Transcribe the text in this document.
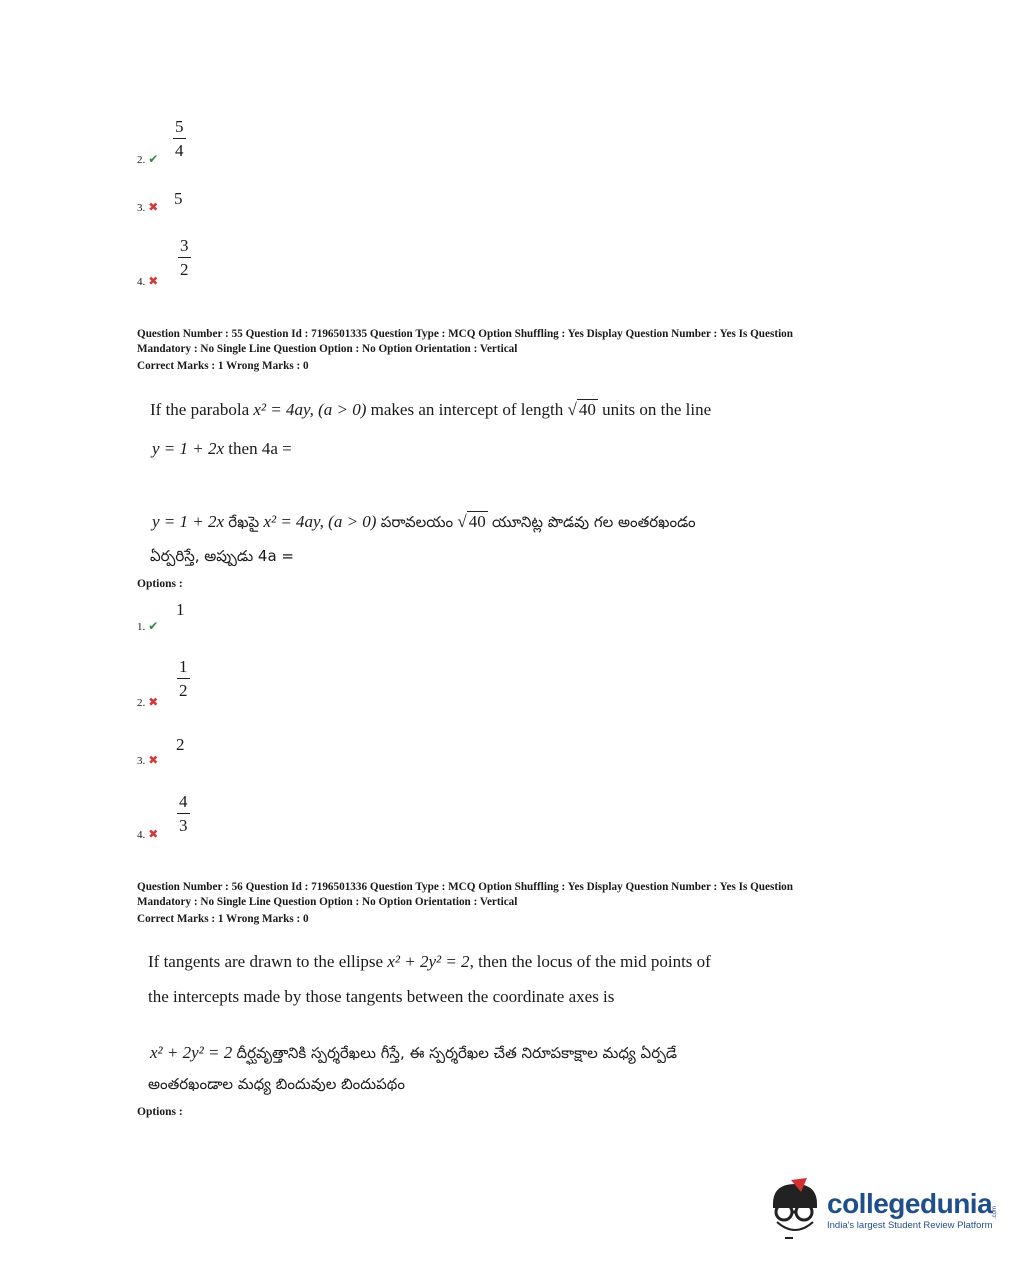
2. ✔ $\frac{5}{4}$
3. ✖ 5
4. ✖
$\frac{3}{2}$
Question Number : 55 Question Id : 7196501335 Question Type : MCQ Option Shuffling : Yes Display Question Number : Yes Is Question
Mandatory : No Single Line Question Option : No Option Orientation : Vertical
Correct Marks : 1 Wrong Marks : 0
If the parabola x² = 4ay, (a > 0) makes an intercept of length √ 40 units on the line
y = 1 + 2x then 4a =
y = 1 + 2x రేఖపై x² = 4ay, (a > 0) పరావలయం √ 40 యూనిట్ల పొడవు గల అంతరఖండం
ఏర్పరిస్తే, అప్పుడు 4a =
Options :
1. ✔
1
2. ✖
$\frac{1}{2}$
3. ✖
2
4. ✖ $\frac{4}{3}$
Question Number : 56 Question Id : 7196501336 Question Type : MCQ Option Shuffling : Yes Display Question Number : Yes Is Question
Mandatory : No Single Line Question Option : No Option Orientation : Vertical
Correct Marks : 1 Wrong Marks : 0
If tangents are drawn to the ellipse x² + 2y² = 2, then the locus of the mid points of
the intercepts made by those tangents between the coordinate axes is
x² + 2y² = 2 దీర్ఘవృత్తానికి స్పర్శరేఖలు గీస్తే, ఈ స్పర్శరేఖల చేత నిరూపకాక్షాల మధ్య ఏర్పడే
అంతరఖండాల మధ్య బిందువుల బిందుపథం
Options :
collegedunia .com
India's largest Student Review Platform
